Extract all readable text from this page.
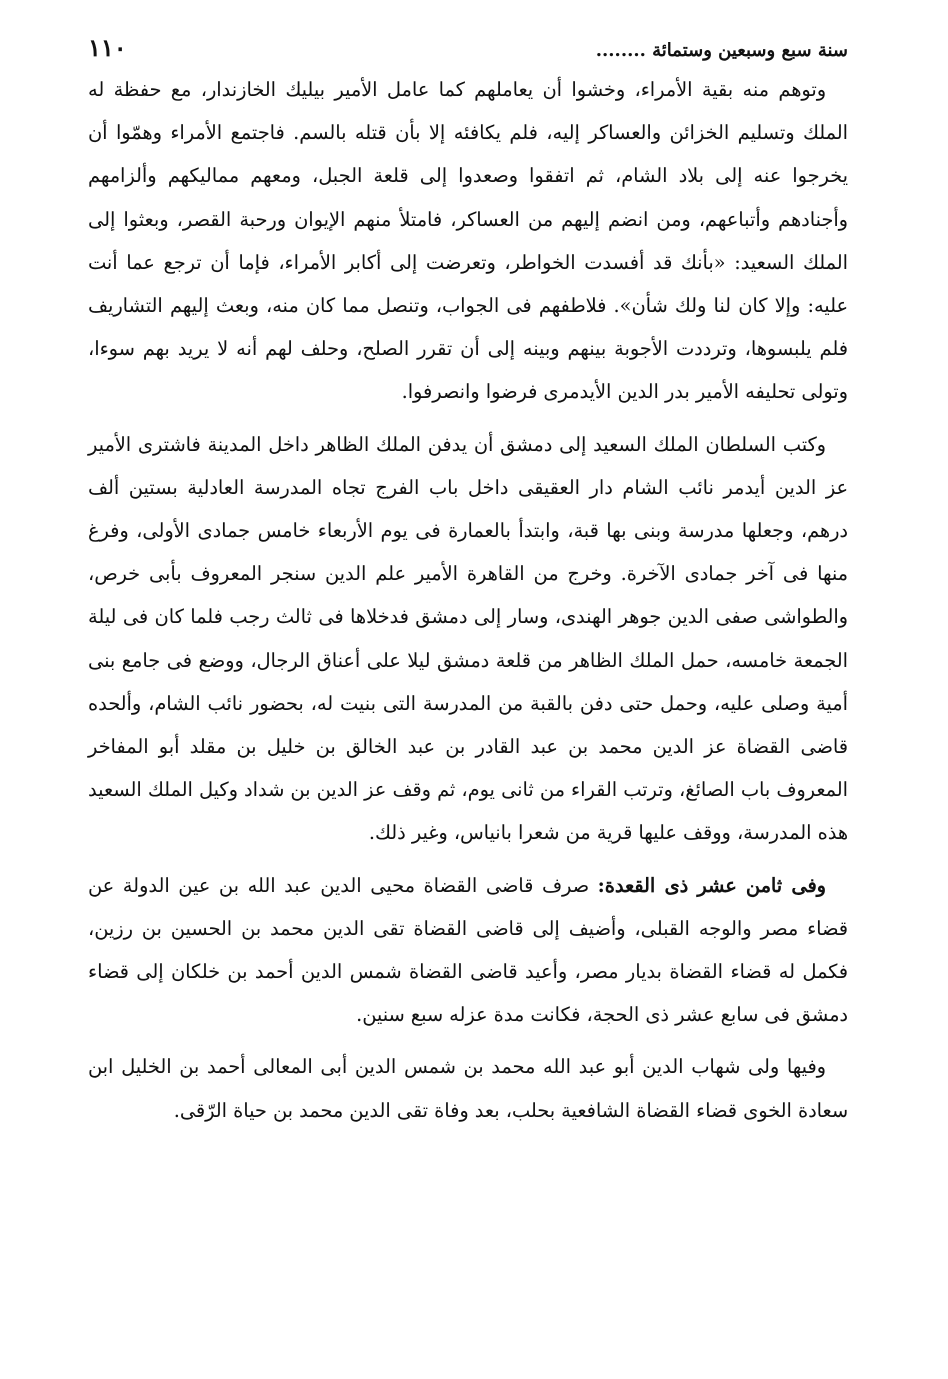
سنة سبع وسبعين وستمائة ........
١١٠

وتوهم منه بقية الأمراء، وخشوا أن يعاملهم كما عامل الأمير بيليك الخازندار، مع حفظة له الملك وتسليم الخزائن والعساكر إليه، فلم يكافئه إلا بأن قتله بالسم. فاجتمع الأمراء وهمّوا أن يخرجوا عنه إلى بلاد الشام، ثم اتفقوا وصعدوا إلى قلعة الجبل، ومعهم مماليكهم وألزامهم وأجنادهم وأتباعهم، ومن انضم إليهم من العساكر، فامتلأ منهم الإيوان ورحبة القصر، وبعثوا إلى الملك السعيد: «بأنك قد أفسدت الخواطر، وتعرضت إلى أكابر الأمراء، فإما أن ترجع عما أنت عليه: وإلا كان لنا ولك شأن». فلاطفهم فى الجواب، وتنصل مما كان منه، وبعث إليهم التشاريف فلم يلبسوها، وترددت الأجوبة بينهم وبينه إلى أن تقرر الصلح، وحلف لهم أنه لا يريد بهم سوءا، وتولى تحليفه الأمير بدر الدين الأيدمرى فرضوا وانصرفوا.

وكتب السلطان الملك السعيد إلى دمشق أن يدفن الملك الظاهر داخل المدينة فاشترى الأمير عز الدين أيدمر نائب الشام دار العقيقى داخل باب الفرج تجاه المدرسة العادلية بستين ألف درهم، وجعلها مدرسة وبنى بها قبة، وابتدأ بالعمارة فى يوم الأربعاء خامس جمادى الأولى، وفرغ منها فى آخر جمادى الآخرة. وخرج من القاهرة الأمير علم الدين سنجر المعروف بأبى خرص، والطواشى صفى الدين جوهر الهندى، وسار إلى دمشق فدخلاها فى ثالث رجب فلما كان فى ليلة الجمعة خامسه، حمل الملك الظاهر من قلعة دمشق ليلا على أعناق الرجال، ووضع فى جامع بنى أمية وصلى عليه، وحمل حتى دفن بالقبة من المدرسة التى بنيت له، بحضور نائب الشام، وألحده قاضى القضاة عز الدين محمد بن عبد القادر بن عبد الخالق بن خليل بن مقلد أبو المفاخر المعروف باب الصائغ، وترتب القراء من ثانى يوم، ثم وقف عز الدين بن شداد وكيل الملك السعيد هذه المدرسة، ووقف عليها قرية من شعرا بانياس، وغير ذلك.

وفى ثامن عشر ذى القعدة: صرف قاضى القضاة محيى الدين عبد الله بن عين الدولة عن قضاء مصر والوجه القبلى، وأضيف إلى قاضى القضاة تقى الدين محمد بن الحسين بن رزين، فكمل له قضاء القضاة بديار مصر، وأعيد قاضى القضاة شمس الدين أحمد بن خلكان إلى قضاء دمشق فى سابع عشر ذى الحجة، فكانت مدة عزله سبع سنين.

وفيها ولى شهاب الدين أبو عبد الله محمد بن شمس الدين أبى المعالى أحمد بن الخليل ابن سعادة الخوى قضاء القضاة الشافعية بحلب، بعد وفاة تقى الدين محمد بن حياة الرّقى.
